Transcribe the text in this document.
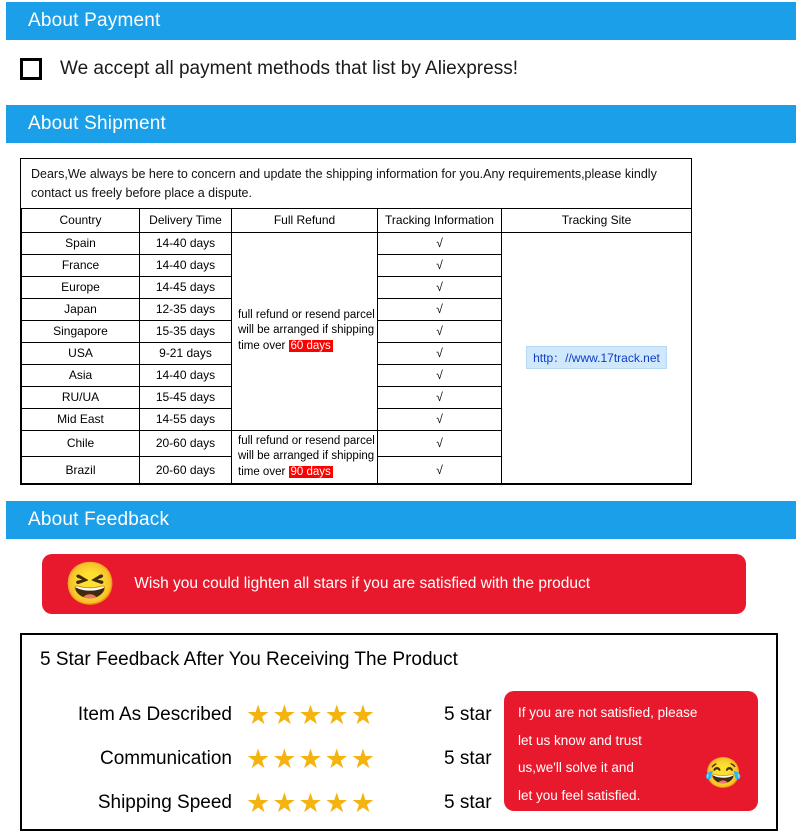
About Payment
We accept all payment methods that list by Aliexpress!
About Shipment
Dears,We always be here to concern and update the shipping information for you.Any requirements,please kindly contact us freely before place a dispute.
Country	Delivery Time	Full Refund	Tracking Information	Tracking Site
Spain	14-40 days	full refund or resend parcel will be arranged if shipping time over 60 days	√	http：//www.17track.net
France	14-40 days		√	
Europe	14-45 days		√	
Japan	12-35 days		√	
Singapore	15-35 days		√	
USA	9-21 days		√	
Asia	14-40 days		√	
RU/UA	15-45 days		√	
Mid East	14-55 days		√	
Chile	20-60 days	full refund or resend parcel will be arranged if shipping time over 90 days	√	
Brazil	20-60 days		√	
About Feedback
😆 Wish you could lighten all stars if you are satisfied with the product
5 Star Feedback After You Receiving The Product
Item As Described ★★★★★	5 star
Communication ★★★★★	5 star
Shipping Speed ★★★★★	5 star

If you are not satisfied, please

let us know and trust

us,we'll solve it and

let you feel satisfied.

😂
